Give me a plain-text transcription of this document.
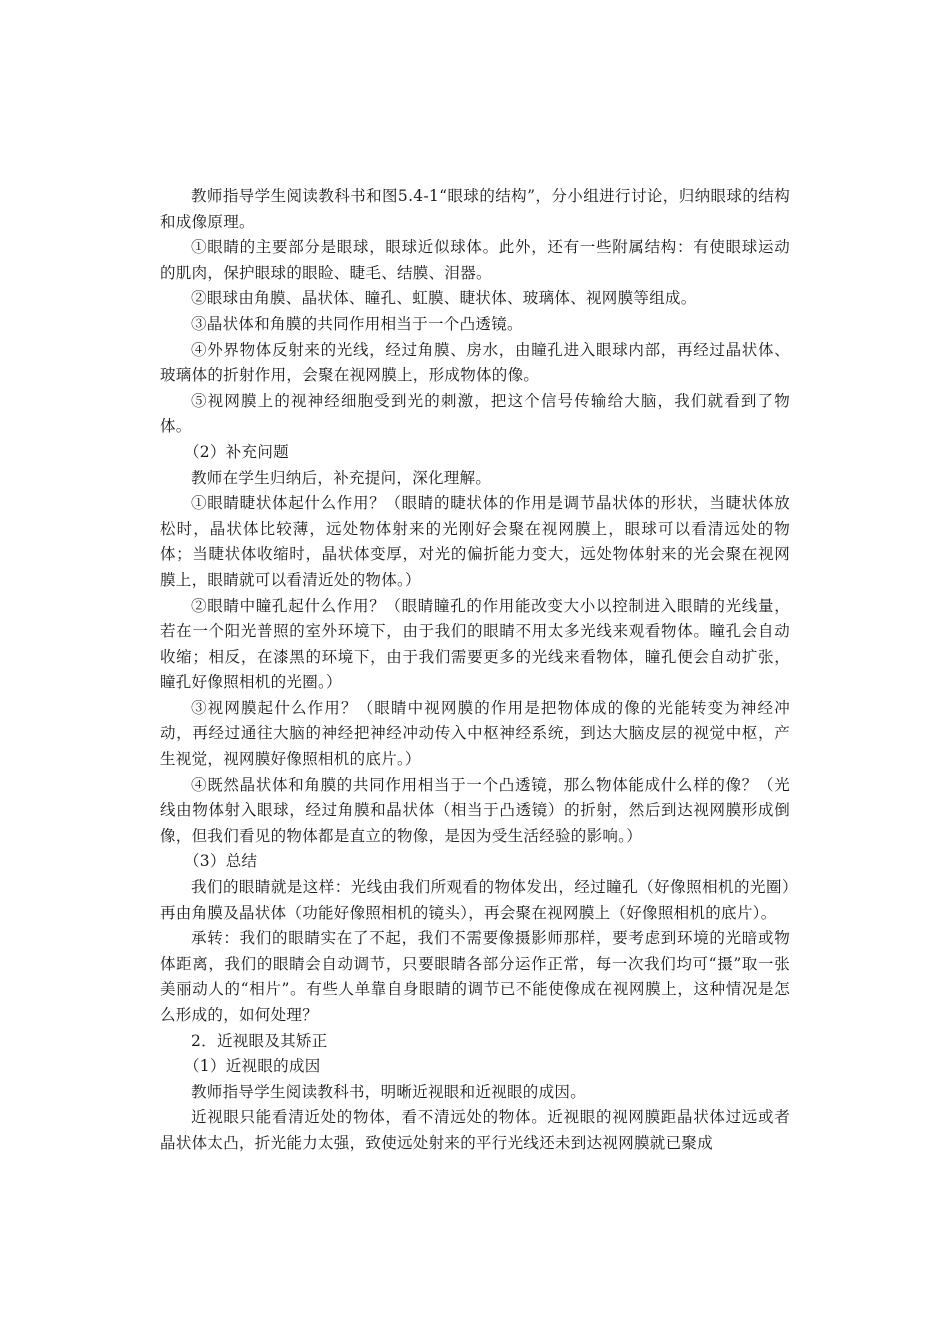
教师指导学生阅读教科书和图5.4-1“眼球的结构”，分小组进行讨论，归纳眼球的结构和成像原理。

①眼睛的主要部分是眼球，眼球近似球体。此外，还有一些附属结构：有使眼球运动的肌肉，保护眼球的眼睑、睫毛、结膜、泪器。

②眼球由角膜、晶状体、瞳孔、虹膜、睫状体、玻璃体、视网膜等组成。

③晶状体和角膜的共同作用相当于一个凸透镜。

④外界物体反射来的光线，经过角膜、房水，由瞳孔进入眼球内部，再经过晶状体、玻璃体的折射作用，会聚在视网膜上，形成物体的像。

⑤视网膜上的视神经细胞受到光的刺激，把这个信号传输给大脑，我们就看到了物体。

（2）补充问题

教师在学生归纳后，补充提问，深化理解。

①眼睛睫状体起什么作用？（眼睛的睫状体的作用是调节晶状体的形状，当睫状体放松时，晶状体比较薄，远处物体射来的光刚好会聚在视网膜上，眼球可以看清远处的物体；当睫状体收缩时，晶状体变厚，对光的偏折能力变大，远处物体射来的光会聚在视网膜上，眼睛就可以看清近处的物体。）

②眼睛中瞳孔起什么作用？（眼睛瞳孔的作用能改变大小以控制进入眼睛的光线量，若在一个阳光普照的室外环境下，由于我们的眼睛不用太多光线来观看物体。瞳孔会自动收缩；相反，在漆黑的环境下，由于我们需要更多的光线来看物体，瞳孔便会自动扩张，瞳孔好像照相机的光圈。）

③视网膜起什么作用？（眼睛中视网膜的作用是把物体成的像的光能转变为神经冲动，再经过通往大脑的神经把神经冲动传入中枢神经系统，到达大脑皮层的视觉中枢，产生视觉，视网膜好像照相机的底片。）

④既然晶状体和角膜的共同作用相当于一个凸透镜，那么物体能成什么样的像？（光线由物体射入眼球，经过角膜和晶状体（相当于凸透镜）的折射，然后到达视网膜形成倒像，但我们看见的物体都是直立的物像，是因为受生活经验的影响。）

（3）总结

我们的眼睛就是这样：光线由我们所观看的物体发出，经过瞳孔（好像照相机的光圈）再由角膜及晶状体（功能好像照相机的镜头），再会聚在视网膜上（好像照相机的底片）。

承转：我们的眼睛实在了不起，我们不需要像摄影师那样，要考虑到环境的光暗或物体距离，我们的眼睛会自动调节，只要眼睛各部分运作正常，每一次我们均可“摄”取一张美丽动人的“相片”。有些人单靠自身眼睛的调节已不能使像成在视网膜上，这种情况是怎么形成的，如何处理？

2．近视眼及其矫正

（1）近视眼的成因

教师指导学生阅读教科书，明晰近视眼和近视眼的成因。

近视眼只能看清近处的物体，看不清远处的物体。近视眼的视网膜距晶状体过远或者晶状体太凸，折光能力太强，致使远处射来的平行光线还未到达视网膜就已聚成
